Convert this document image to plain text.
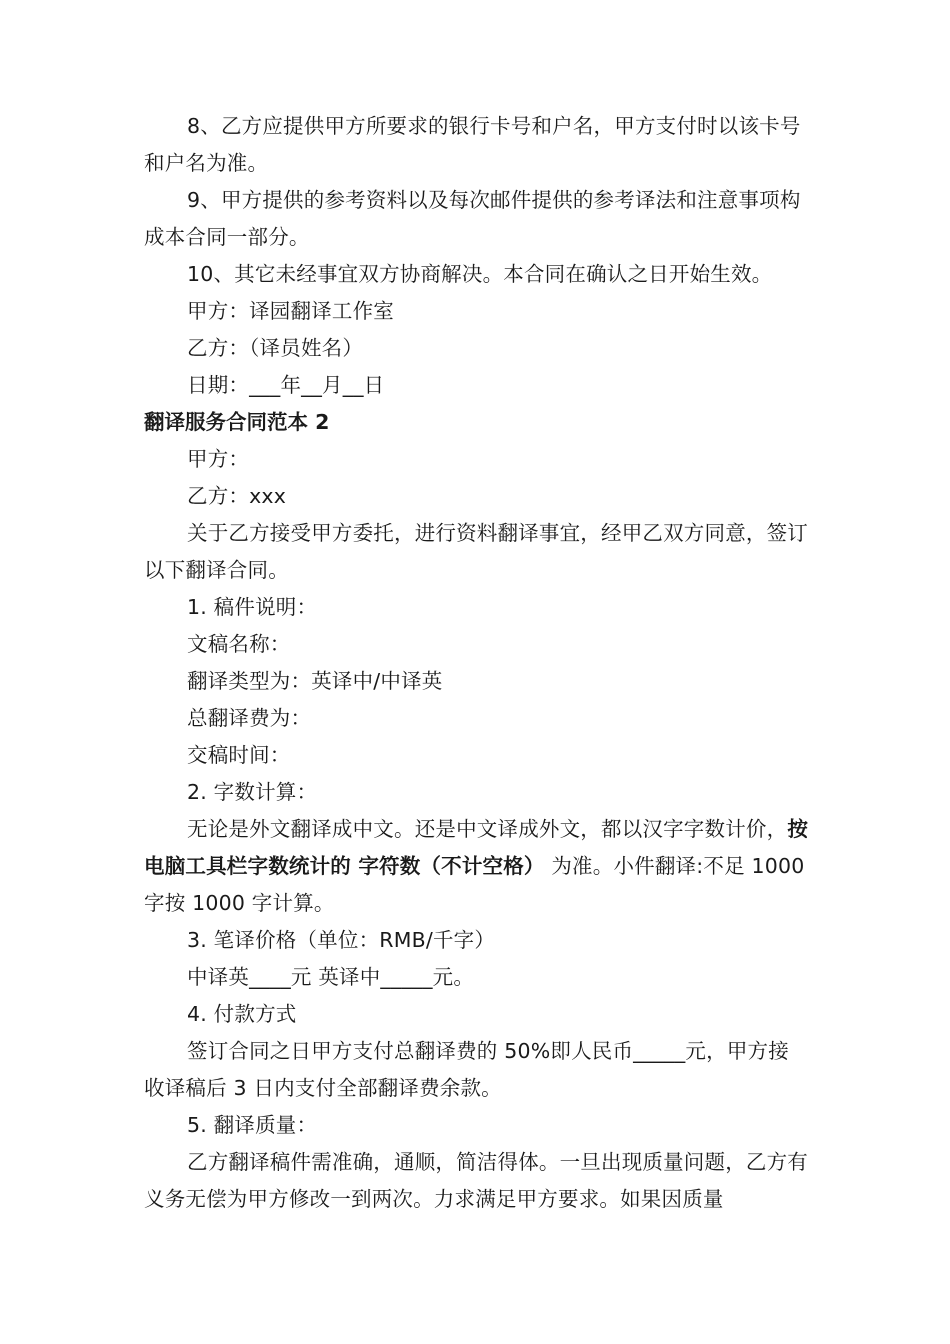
8、乙方应提供甲方所要求的银行卡号和户名，甲方支付时以该卡号和户名为准。

9、甲方提供的参考资料以及每次邮件提供的参考译法和注意事项构成本合同一部分。

10、其它未经事宜双方协商解决。本合同在确认之日开始生效。

甲方：译园翻译工作室

乙方：（译员姓名）

日期：___年__月__日

翻译服务合同范本 2

甲方：

乙方：xxx

关于乙方接受甲方委托，进行资料翻译事宜，经甲乙双方同意，签订以下翻译合同。

1. 稿件说明：

文稿名称：

翻译类型为：英译中/中译英

总翻译费为：

交稿时间：

2. 字数计算：

无论是外文翻译成中文。还是中文译成外文，都以汉字字数计价，按电脑工具栏字数统计的 字符数（不计空格） 为准。小件翻译:不足 1000 字按 1000 字计算。

3. 笔译价格（单位：RMB/千字）

中译英____元 英译中_____元。

4. 付款方式

签订合同之日甲方支付总翻译费的 50%即人民币_____元，甲方接收译稿后 3 日内支付全部翻译费余款。

5. 翻译质量：

乙方翻译稿件需准确，通顺，简洁得体。一旦出现质量问题，乙方有义务无偿为甲方修改一到两次。力求满足甲方要求。如果因质量
